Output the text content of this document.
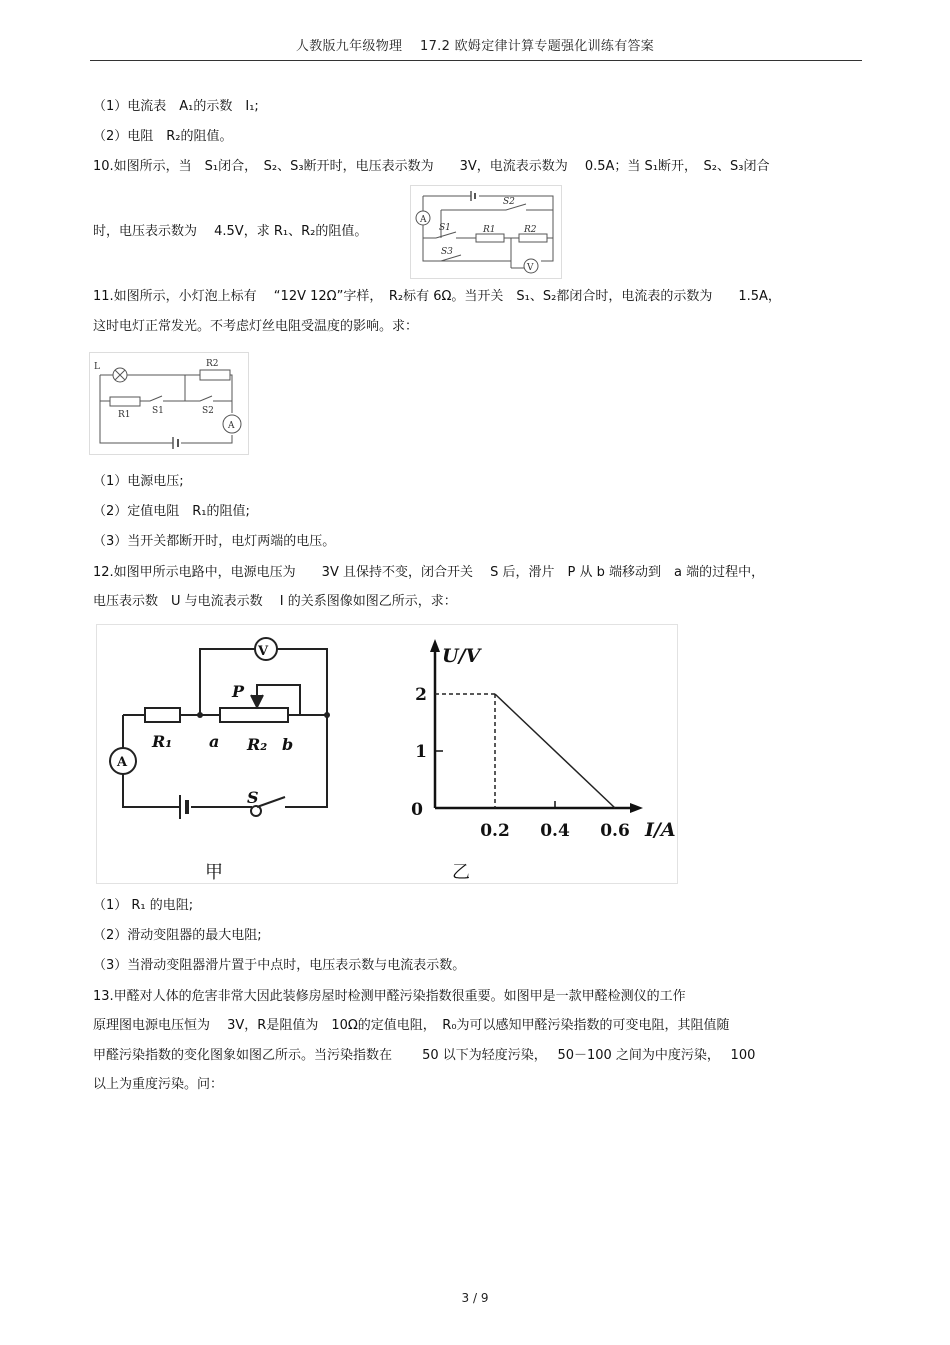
人教版九年级物理　 17.2 欧姆定律计算专题强化训练有答案
（1）电流表　A₁的示数　I₁;
（2）电阻　R₂的阻值。
10.如图所示，当　S₁闭合，　S₂、S₃断开时，电压表示数为　　3V，电流表示数为　 0.5A；当 S₁断开，　S₂、S₃闭合
时，电压表示数为　 4.5V，求 R₁、R₂的阻值。
A
S2
S1	R1	R2
S3
V
11.如图所示，小灯泡上标有　 “12V 12Ω”字样，　R₂标有 6Ω。当开关　S₁、S₂都闭合时，电流表的示数为　　1.5A，
这时电灯正常发光。不考虑灯丝电阻受温度的影响。求：
L	R2
R1 S1	S2
A
（1）电源电压;
（2）定值电阻　R₁的阻值;
（3）当开关都断开时，电灯两端的电压。
12.如图甲所示电路中，电源电压为　　3V 且保持不变，闭合开关　 S 后，滑片　P 从 b 端移动到　a 端的过程中，
电压表示数　U 与电流表示数　 I 的关系图像如图乙所示，求：
V
P
R₁ a R₂ b
A
S
甲
U/V
I/A
0
1
2
0.2 0.4 0.6
乙
（1） R₁ 的电阻;
（2）滑动变阻器的最大电阻;
（3）当滑动变阻器滑片置于中点时，电压表示数与电流表示数。
13.甲醛对人体的危害非常大因此装修房屋时检测甲醛污染指数很重要。如图甲是一款甲醛检测仪的工作
原理图电源电压恒为　 3V，R是阻值为　10Ω的定值电阻，　R₀为可以感知甲醛污染指数的可变电阻，其阻值随
甲醛污染指数的变化图象如图乙所示。当污染指数在　　 50 以下为轻度污染，　 50－100 之间为中度污染，　 100
以上为重度污染。问：
3 / 9
